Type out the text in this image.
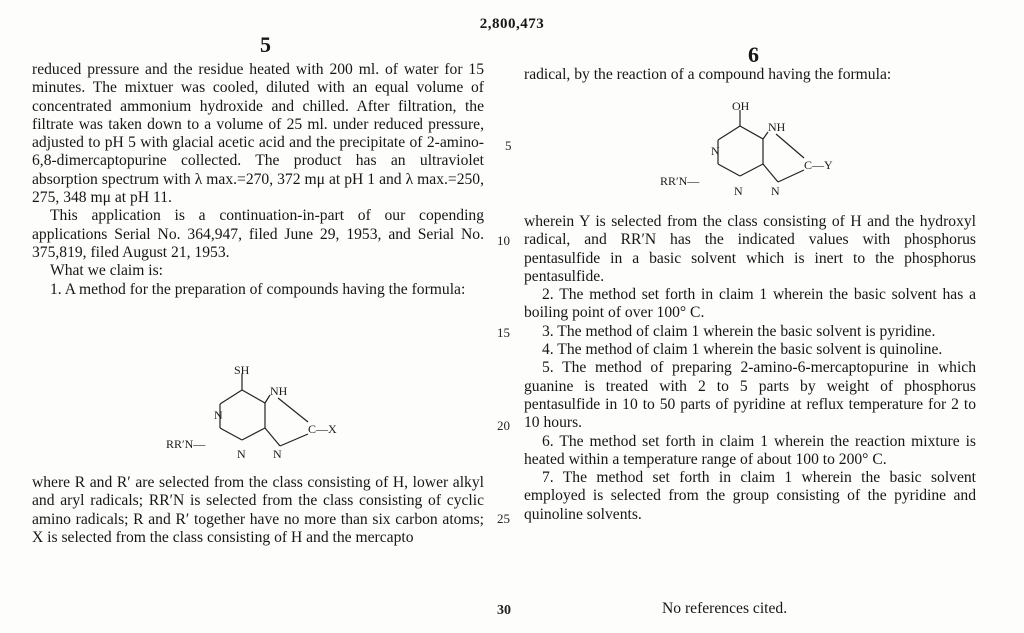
2,800,473
5	6

reduced pressure and the residue heated with 200 ml. of water for 15 minutes. The mixtuer was cooled, diluted with an equal volume of concentrated ammonium hydroxide and chilled. After filtration, the filtrate was taken down to a volume of 25 ml. under reduced pressure, adjusted to pH 5 with glacial acetic acid and the precipitate of 2-amino-6,8-dimercaptopurine collected. The product has an ultraviolet absorption spectrum with λ max.=270, 372 mμ at pH 1 and λ max.=250, 275, 348 mμ at pH 11.

This application is a continuation-in-part of our copending applications Serial No. 364,947, filed June 29, 1953, and Serial No. 375,819, filed August 21, 1953.

What we claim is:

1. A method for the preparation of compounds having the formula:

SH
NH
N
C—X
RR′N—
N N

where R and R′ are selected from the class consisting of H, lower alkyl and aryl radicals; RR′N is selected from the class consisting of cyclic amino radicals; R and R′ together have no more than six carbon atoms; X is selected from the class consisting of H and the mercapto

5
10
15
20
25
30

radical, by the reaction of a compound having the formula:

OH
NH
N
C—Y
RR′N—
N N

wherein Y is selected from the class consisting of H and the hydroxyl radical, and RR′N has the indicated values with phosphorus pentasulfide in a basic solvent which is inert to the phosphorus pentasulfide.

2. The method set forth in claim 1 wherein the basic solvent has a boiling point of over 100° C.

3. The method of claim 1 wherein the basic solvent is pyridine.

4. The method of claim 1 wherein the basic solvent is quinoline.

5. The method of preparing 2-amino-6-mercaptopurine in which guanine is treated with 2 to 5 parts by weight of phosphorus pentasulfide in 10 to 50 parts of pyridine at reflux temperature for 2 to 10 hours.

6. The method set forth in claim 1 wherein the reaction mixture is heated within a temperature range of about 100 to 200° C.

7. The method set forth in claim 1 wherein the basic solvent employed is selected from the group consisting of the pyridine and quinoline solvents.

No references cited.
